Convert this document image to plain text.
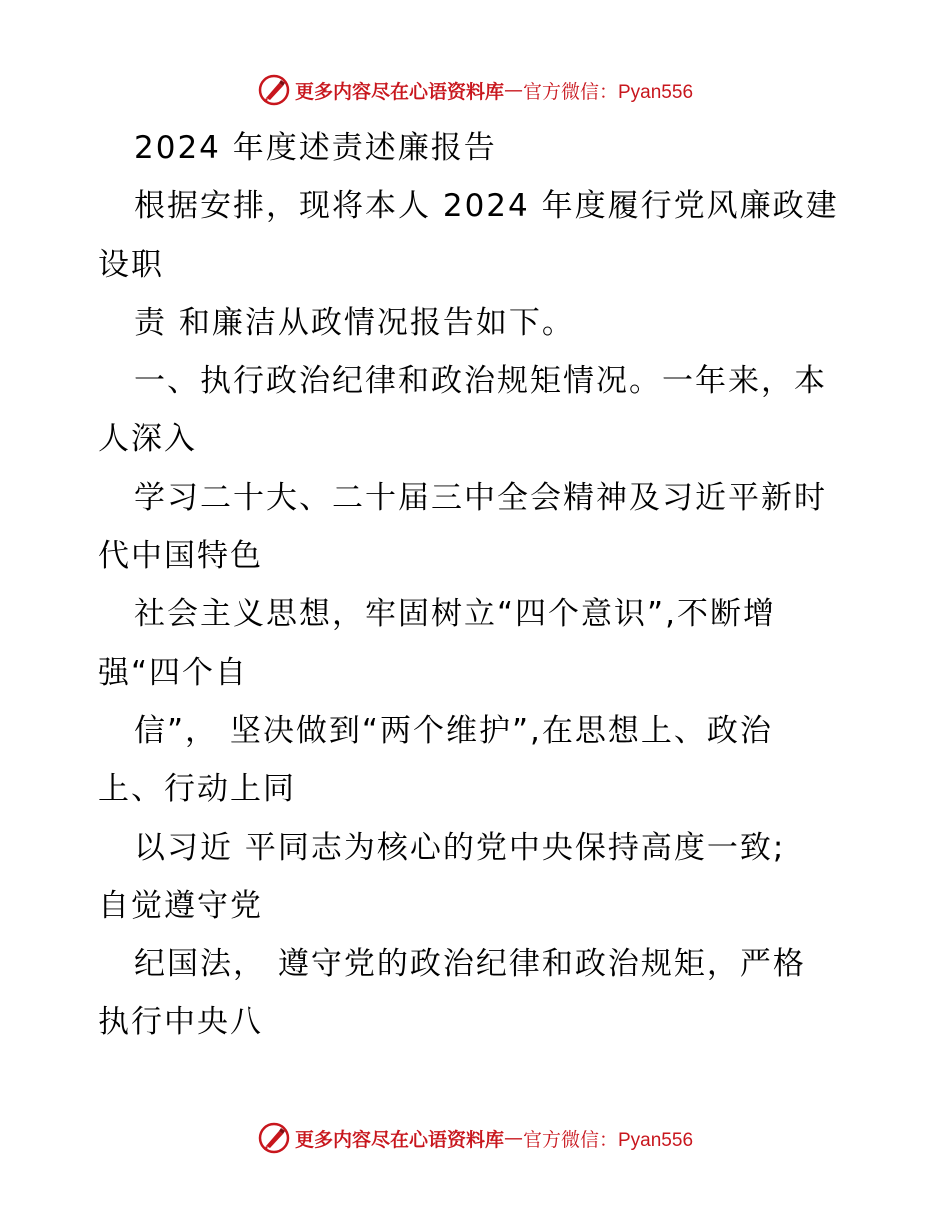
更多内容尽在心语资料库 — 官方微信：Pyan556
2024 年度述责述廉报告
根据安排，现将本人 2024 年度履行党风廉政建
设职
责 和廉洁从政情况报告如下。
一、执行政治纪律和政治规矩情况。一年来，本
人深入
学习二十大、二十届三中全会精神及习近平新时
代中国特色
社会主义思想，牢固树立“四个意识”,不断增
强“四个自
信”， 坚决做到“两个维护”,在思想上、政治
上、行动上同
以习近 平同志为核心的党中央保持高度一致;
自觉遵守党
纪国法， 遵守党的政治纪律和政治规矩，严格
执行中央八
更多内容尽在心语资料库 — 官方微信：Pyan556
